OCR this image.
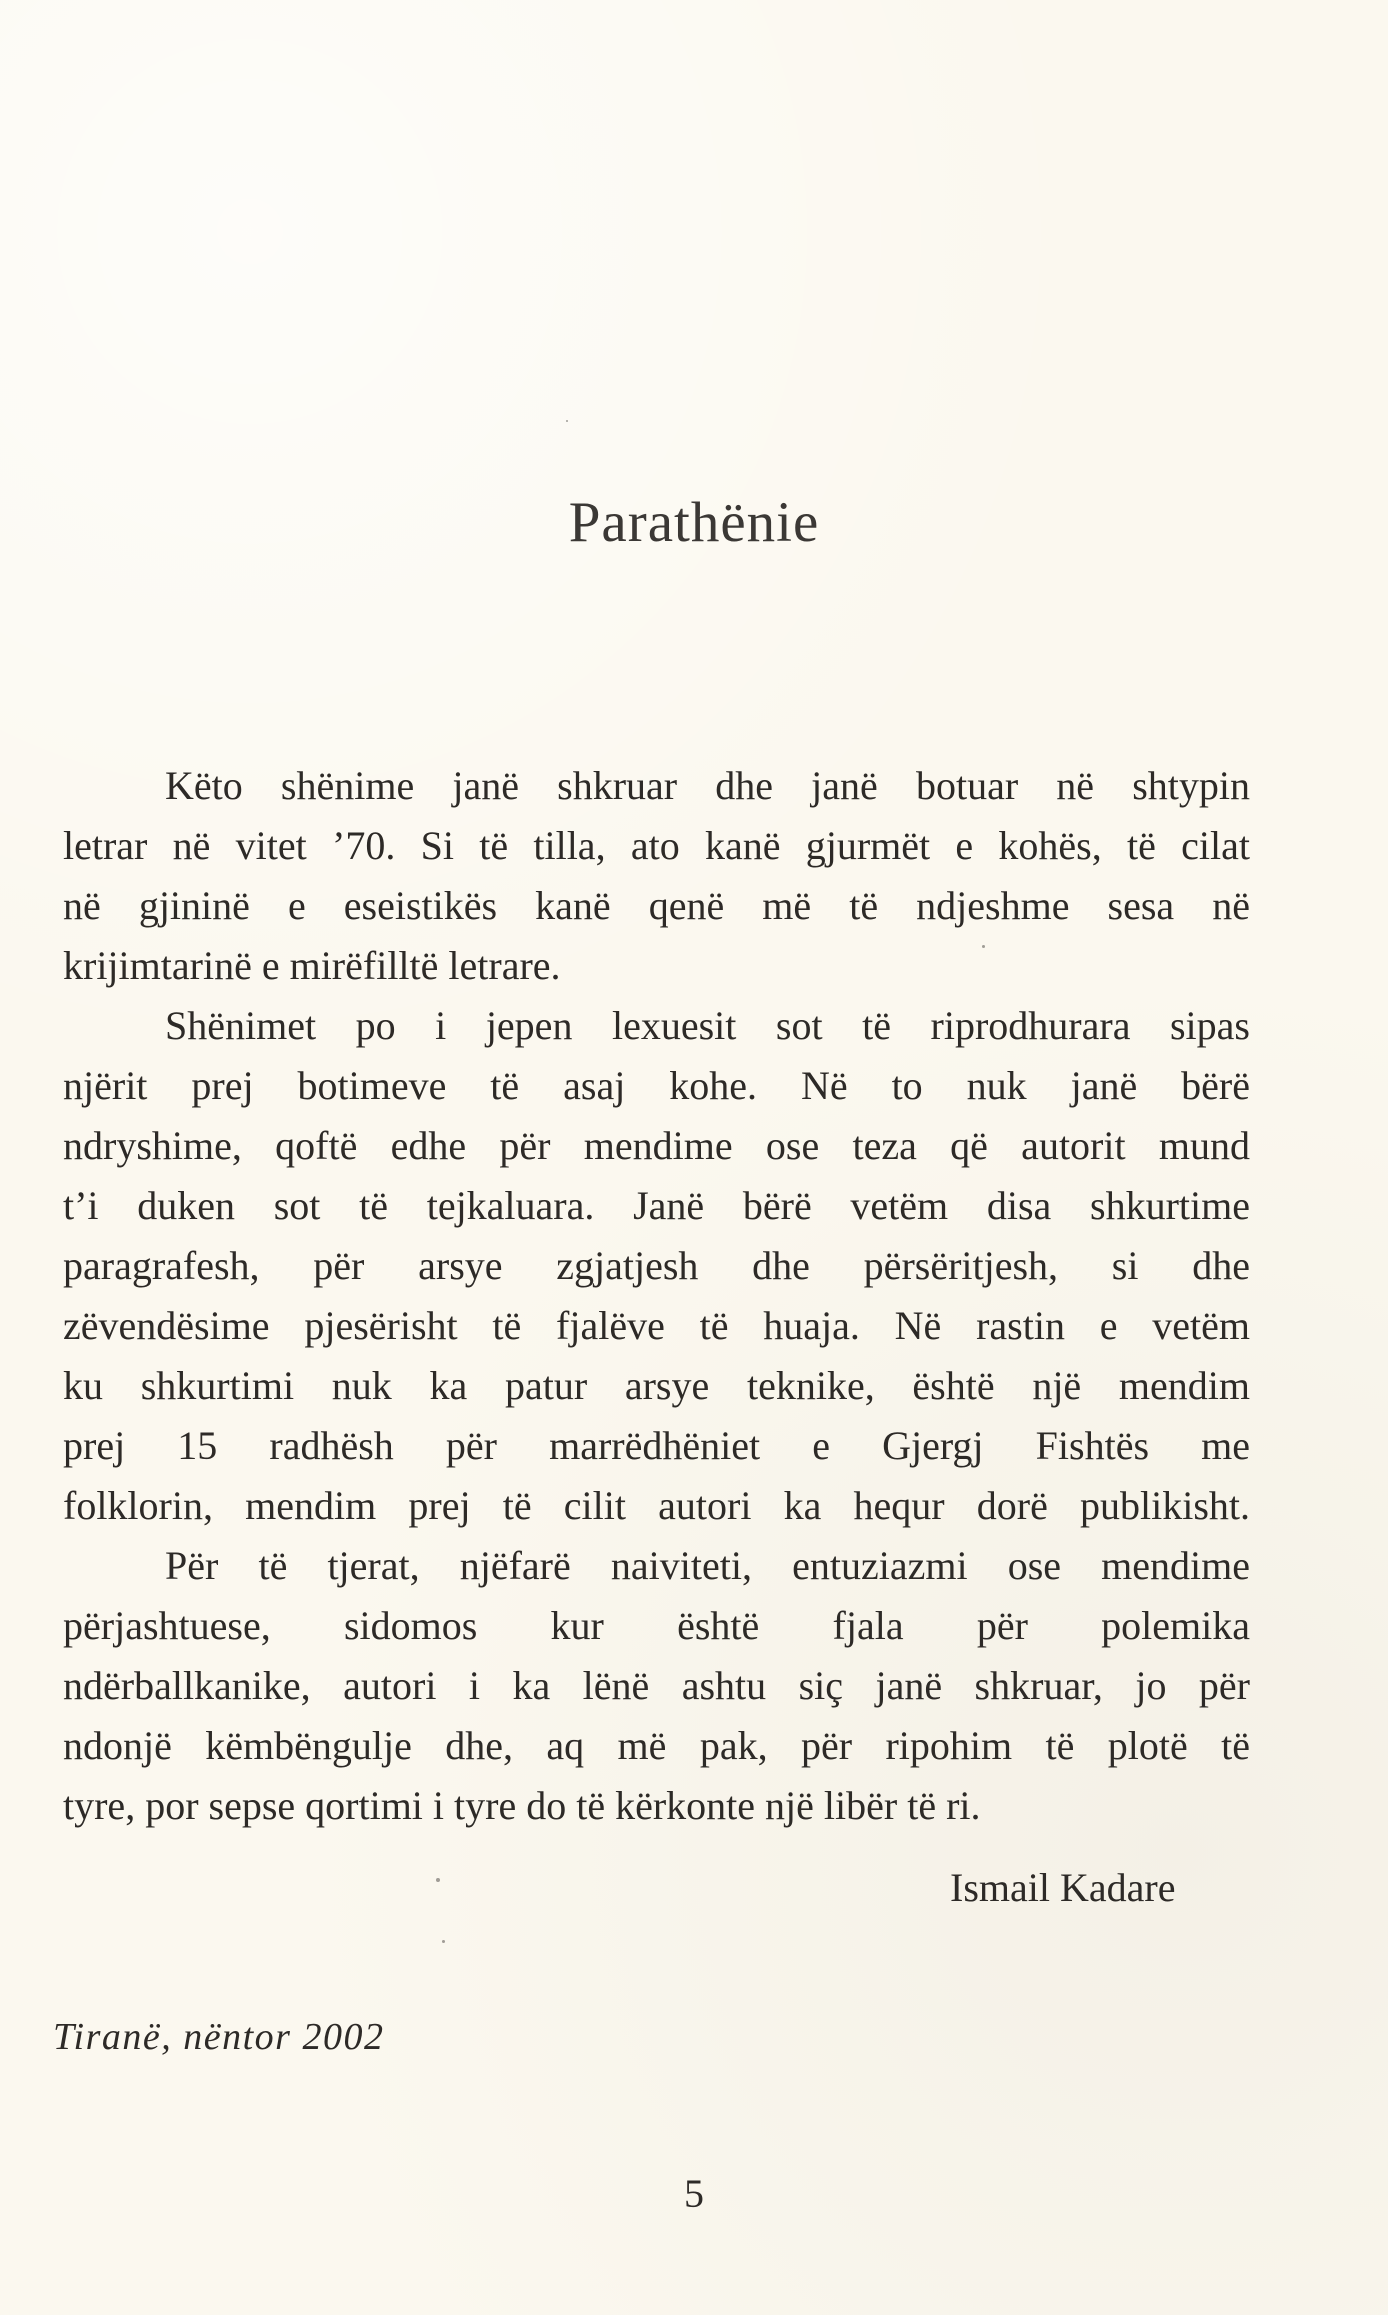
Parathënie
Këto shënime janë shkruar dhe janë botuar në shtypin
letrar në vitet ’70. Si të tilla, ato kanë gjurmët e kohës, të cilat
në gjininë e eseistikës kanë qenë më të ndjeshme sesa në
krijimtarinë e mirëfilltë letrare.
Shënimet po i jepen lexuesit sot të riprodhurara sipas
njërit prej botimeve të asaj kohe. Në to nuk janë bërë
ndryshime, qoftë edhe për mendime ose teza që autorit mund
t’i duken sot të tejkaluara. Janë bërë vetëm disa shkurtime
paragrafesh, për arsye zgjatjesh dhe përsëritjesh, si dhe
zëvendësime pjesërisht të fjalëve të huaja. Në rastin e vetëm
ku shkurtimi nuk ka patur arsye teknike, është një mendim
prej 15 radhësh për marrëdhëniet e Gjergj Fishtës me
folklorin, mendim prej të cilit autori ka hequr dorë publikisht.
Për të tjerat, njëfarë naiviteti, entuziazmi ose mendime
përjashtuese, sidomos kur është fjala për polemika
ndërballkanike, autori i ka lënë ashtu siç janë shkruar, jo për
ndonjë këmbëngulje dhe, aq më pak, për ripohim të plotë të
tyre, por sepse qortimi i tyre do të kërkonte një libër të ri.
Ismail Kadare
Tiranë, nëntor 2002
5
